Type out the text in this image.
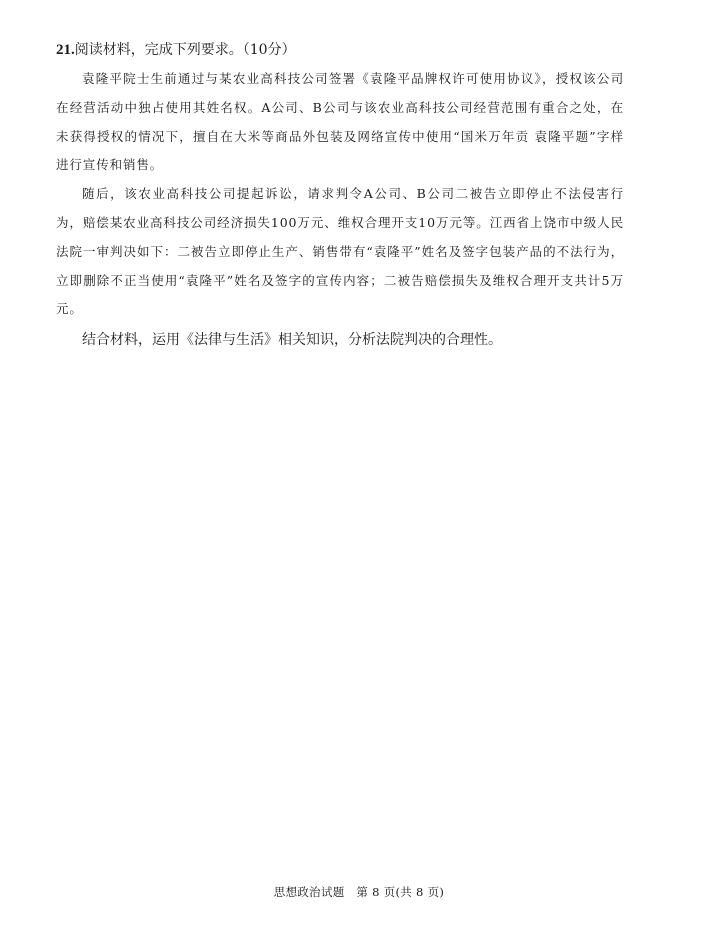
21.阅读材料，完成下列要求。（10分）

袁隆平院士生前通过与某农业高科技公司签署《袁隆平品牌权许可使用协议》，授权该公司在经营活动中独占使用其姓名权。A公司、B公司与该农业高科技公司经营范围有重合之处，在未获得授权的情况下，擅自在大米等商品外包装及网络宣传中使用“国米万年贡 袁隆平题”字样进行宣传和销售。

随后，该农业高科技公司提起诉讼，请求判令A公司、B公司二被告立即停止不法侵害行为，赔偿某农业高科技公司经济损失100万元、维权合理开支10万元等。江西省上饶市中级人民法院一审判决如下：二被告立即停止生产、销售带有“袁隆平”姓名及签字包装产品的不法行为，立即删除不正当使用“袁隆平”姓名及签字的宣传内容；二被告赔偿损失及维权合理开支共计5万元。

结合材料，运用《法律与生活》相关知识，分析法院判决的合理性。

思想政治试题　第 8 页(共 8 页)
